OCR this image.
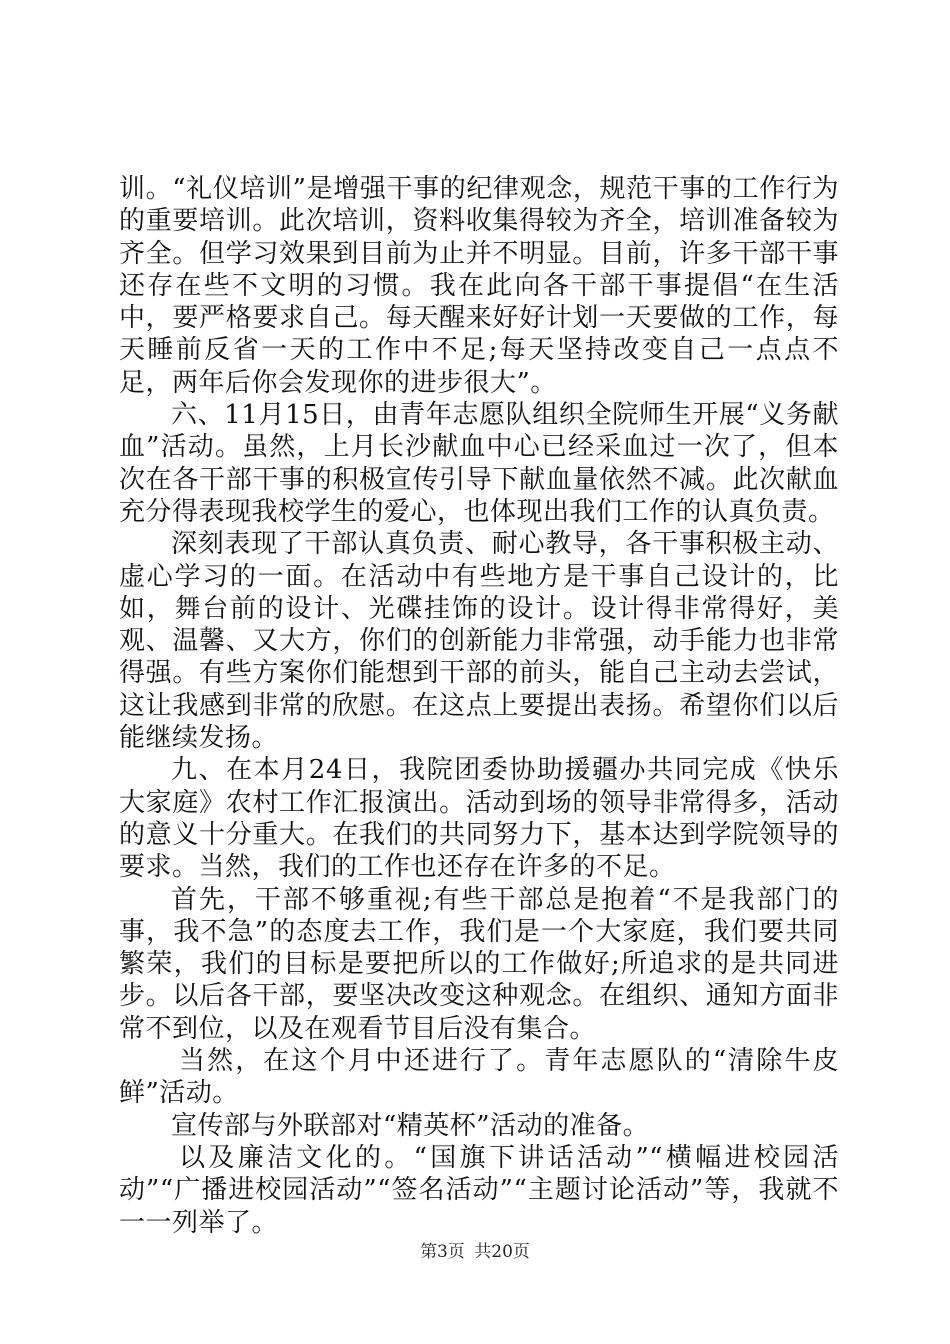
训。“礼仪培训”是增强干事的纪律观念，规范干事的工作行为的重要培训。此次培训，资料收集得较为齐全，培训准备较为齐全。但学习效果到目前为止并不明显。目前，许多干部干事还存在些不文明的习惯。我在此向各干部干事提倡“在生活中，要严格要求自己。每天醒来好好计划一天要做的工作，每天睡前反省一天的工作中不足;每天坚持改变自己一点点不足，两年后你会发现你的进步很大”。

六、11月15日，由青年志愿队组织全院师生开展“义务献血”活动。虽然，上月长沙献血中心已经采血过一次了，但本次在各干部干事的积极宣传引导下献血量依然不减。此次献血充分得表现我校学生的爱心，也体现出我们工作的认真负责。

深刻表现了干部认真负责、耐心教导，各干事积极主动、虚心学习的一面。在活动中有些地方是干事自己设计的，比如，舞台前的设计、光碟挂饰的设计。设计得非常得好，美观、温馨、又大方，你们的创新能力非常强，动手能力也非常得强。有些方案你们能想到干部的前头，能自己主动去尝试，这让我感到非常的欣慰。在这点上要提出表扬。希望你们以后能继续发扬。

九、在本月24日，我院团委协助援疆办共同完成《快乐大家庭》农村工作汇报演出。活动到场的领导非常得多，活动的意义十分重大。在我们的共同努力下，基本达到学院领导的要求。当然，我们的工作也还存在许多的不足。

首先，干部不够重视;有些干部总是抱着“不是我部门的事，我不急”的态度去工作，我们是一个大家庭，我们要共同繁荣，我们的目标是要把所以的工作做好;所追求的是共同进步。以后各干部，要坚决改变这种观念。在组织、通知方面非常不到位，以及在观看节目后没有集合。

当然，在这个月中还进行了。青年志愿队的“清除牛皮鲜”活动。

宣传部与外联部对“精英杯”活动的准备。

以及廉洁文化的。“国旗下讲话活动”“横幅进校园活动”“广播进校园活动”“签名活动”“主题讨论活动”等，我就不一一列举了。

第3页 共20页
